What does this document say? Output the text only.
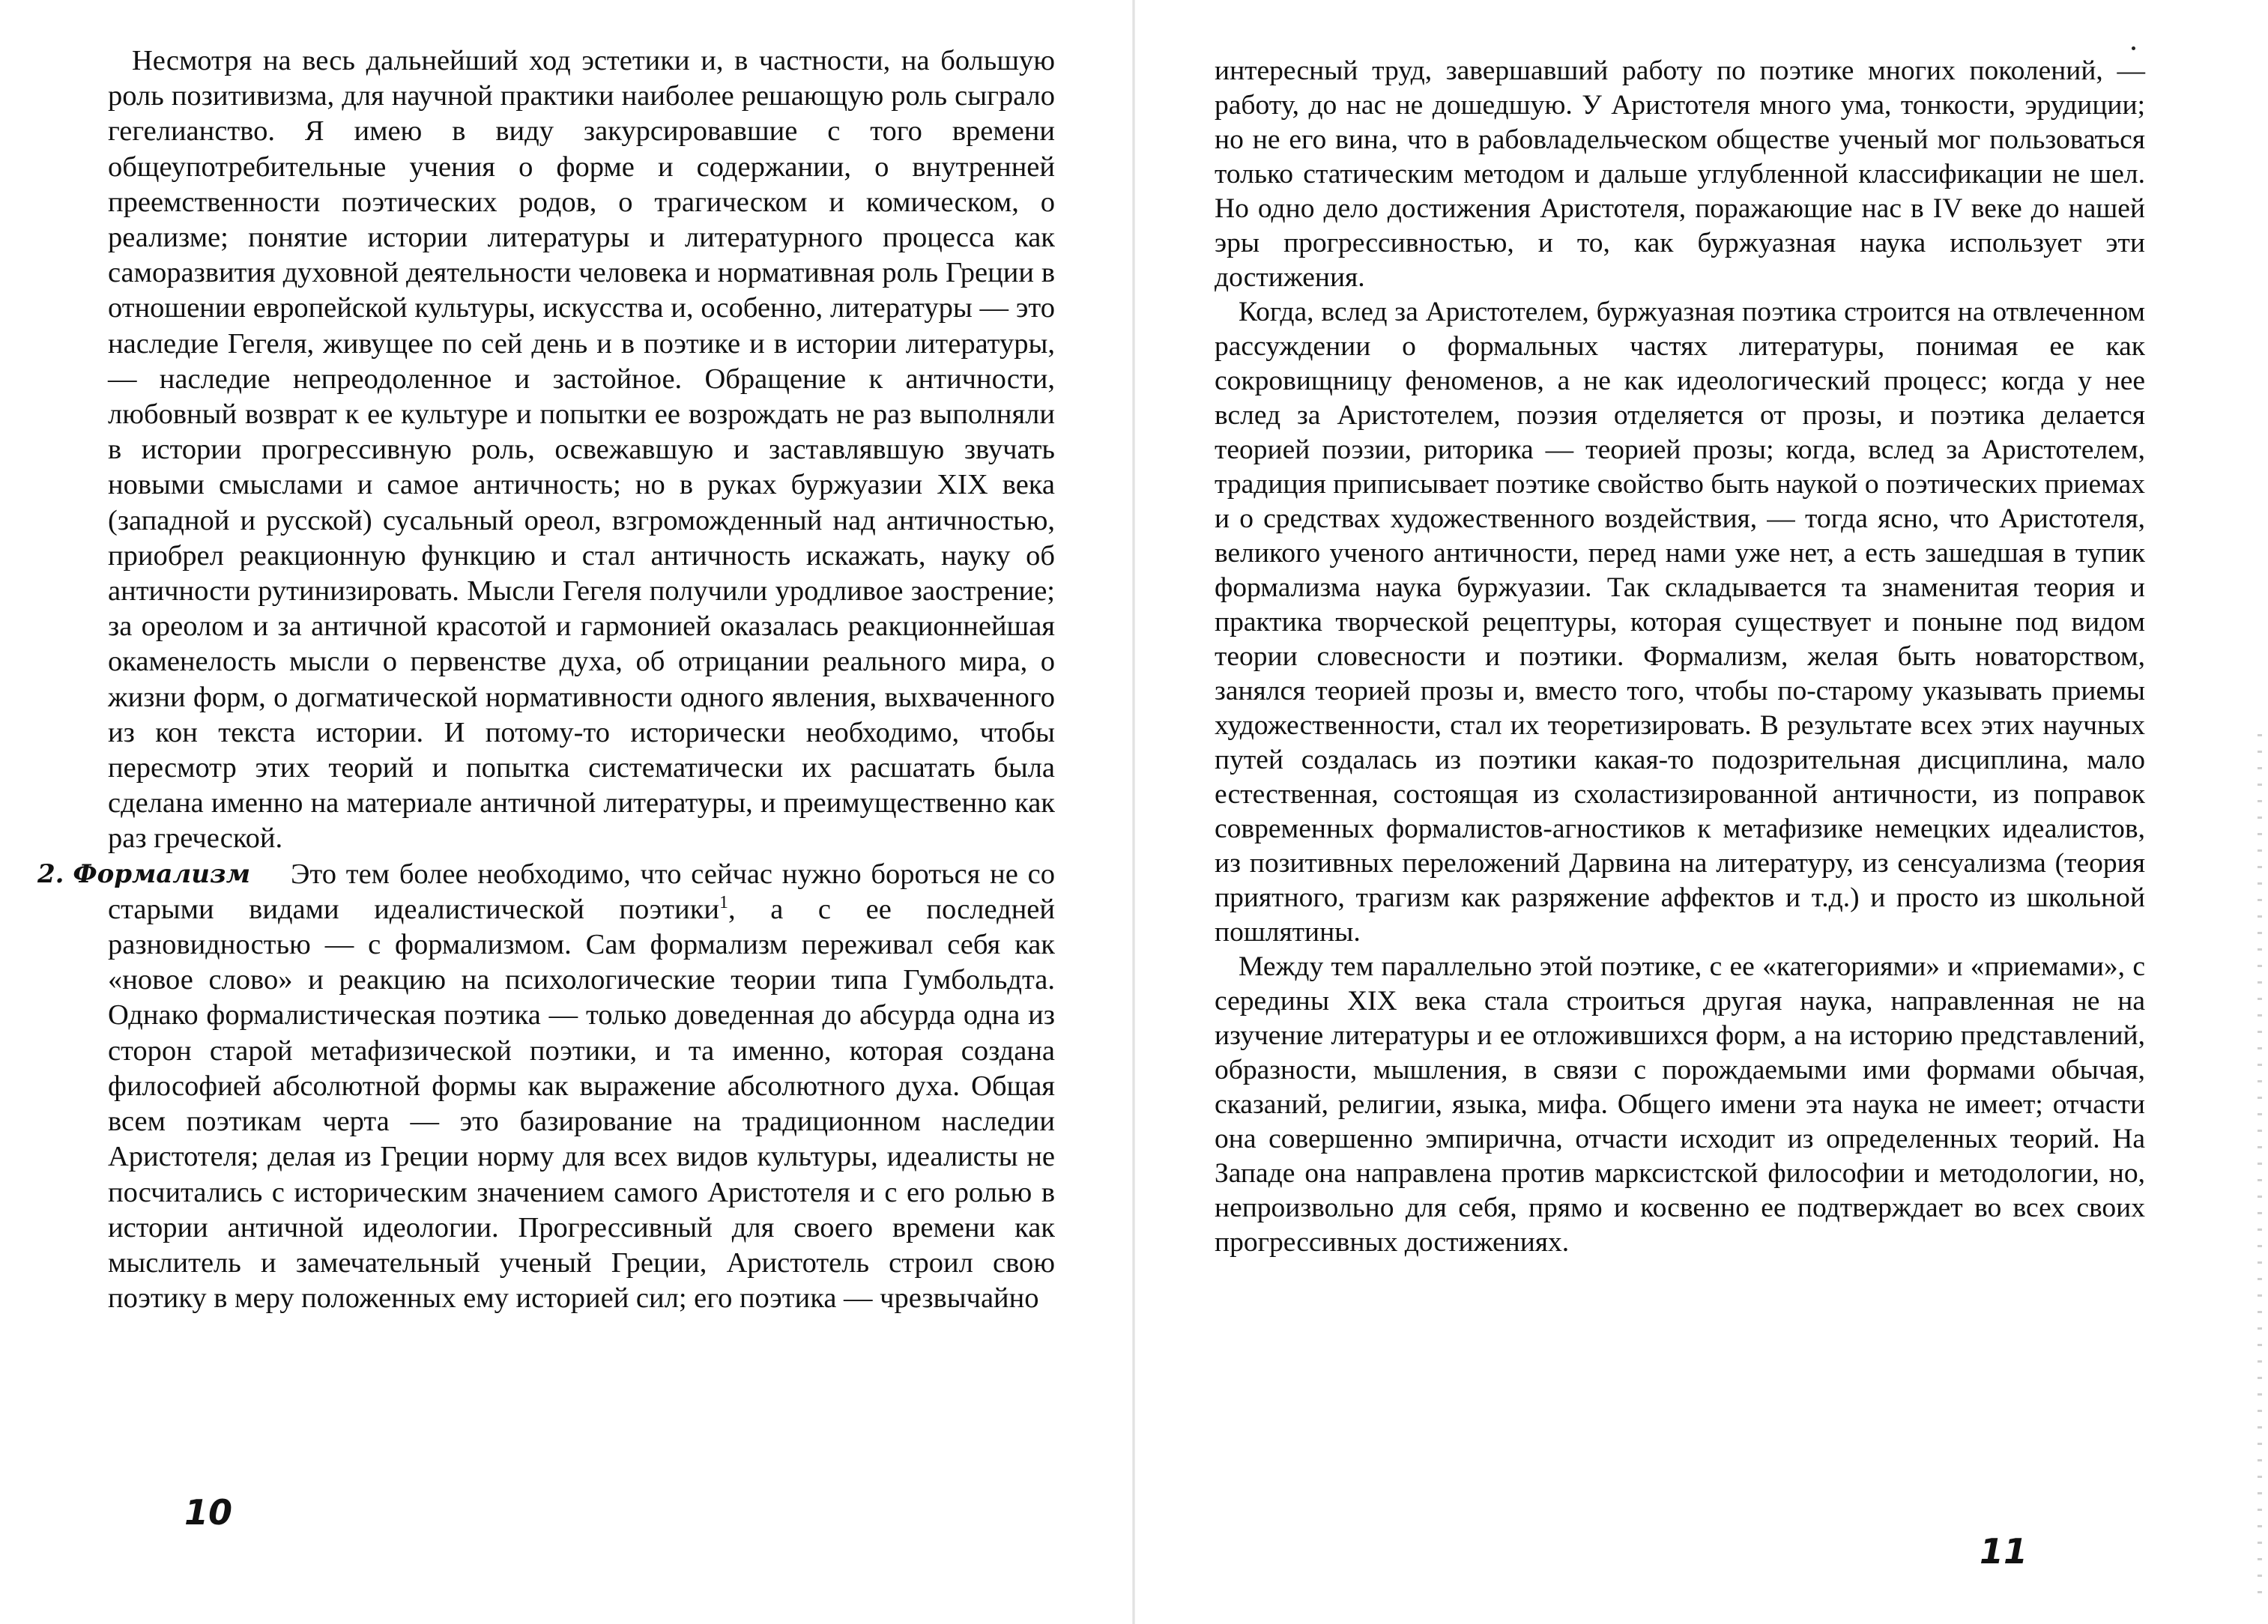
Несмотря на весь дальнейший ход эстетики и, в частности, на большую роль позитивизма, для научной практики наиболее решающую роль сыграло гегелианство. Я имею в виду закурсировавшие с того времени общеупотребительные учения о форме и содержании, о внутренней преемственности поэтических родов, о трагическом и комическом, о реализме; понятие истории литературы и литературного процесса как саморазвития духовной деятельности человека и нормативная роль Греции в отношении европейской культуры, искусства и, особенно, литературы — это наследие Гегеля, живущее по сей день и в поэтике и в истории литературы, — наследие непреодоленное и застойное. Обращение к античности, любовный возврат к ее культуре и попытки ее возрождать не раз выполняли в истории прогрессивную роль, освежавшую и заставлявшую звучать новыми смыслами и самое античность; но в руках буржуазии XIX века (западной и русской) сусальный ореол, взгроможденный над античностью, приобрел реакционную функцию и стал античность искажать, науку об античности рутинизировать. Мысли Гегеля получили уродливое заострение; за ореолом и за античной красотой и гармонией оказалась реакционнейшая окаменелость мысли о первенстве духа, об отрицании реального мира, о жизни форм, о догматической нормативности одного явления, выхваченного из кон текста истории. И потому-то исторически необходимо, чтобы пересмотр этих теорий и попытка систематически их расшатать была сделана именно на материале античной литературы, и преимущественно как раз греческой.

2. Формализм	Это тем более необходимо, что сейчас нужно бороться не со старыми видами идеалистической поэтики$^1$, а с ее последней разновидностью — с формализмом. Сам формализм переживал себя как «новое слово» и реакцию на психологические теории типа Гумбольдта. Однако формалистическая поэтика — только доведенная до абсурда одна из сторон старой метафизической поэтики, и та именно, которая создана философией абсолютной формы как выражение абсолютного духа. Общая всем поэтикам черта — это базирование на традиционном наследии Аристотеля; делая из Греции норму для всех видов культуры, идеалисты не посчитались с историческим значением самого Аристотеля и с его ролью в истории античной идеологии. Прогрессивный для своего времени как мыслитель и замечательный ученый Греции, Аристотель строил свою поэтику в меру положенных ему историей сил; его поэтика — чрезвычайно

10

интересный труд, завершавший работу по поэтике многих поколений, — работу, до нас не дошедшую. У Аристотеля много ума, тонкости, эрудиции; но не его вина, что в рабовладельческом обществе ученый мог пользоваться только статическим методом и дальше углубленной классификации не шел. Но одно дело достижения Аристотеля, поражающие нас в IV веке до нашей эры прогрессивностью, и то, как буржуазная наука использует эти достижения.

Когда, вслед за Аристотелем, буржуазная поэтика строится на отвлеченном рассуждении о формальных частях литературы, понимая ее как сокровищницу феноменов, а не как идеологический процесс; когда у нее вслед за Аристотелем, поэзия отделяется от прозы, и поэтика делается теорией поэзии, риторика — теорией прозы; когда, вслед за Аристотелем, традиция приписывает поэтике свойство быть наукой о поэтических приемах и о средствах художественного воздействия, — тогда ясно, что Аристотеля, великого ученого античности, перед нами уже нет, а есть зашедшая в тупик формализма наука буржуазии. Так складывается та знаменитая теория и практика творческой рецептуры, которая существует и поныне под видом теории словесности и поэтики. Формализм, желая быть новаторством, занялся теорией прозы и, вместо того, чтобы по-старому указывать приемы художественности, стал их теоретизировать. В результате всех этих научных путей создалась из поэтики какая-то подозрительная дисциплина, мало естественная, состоящая из схоластизированной античности, из поправок современных формалистов-агностиков к метафизике немецких идеалистов, из позитивных переложений Дарвина на литературу, из сенсуализма (теория приятного, трагизм как разряжение аффектов и т.д.) и просто из школьной пошлятины.

Между тем параллельно этой поэтике, с ее «категориями» и «приемами», с середины XIX века стала строиться другая наука, направленная не на изучение литературы и ее отложившихся форм, а на историю представлений, образности, мышления, в связи с порождаемыми ими формами обычая, сказаний, религии, языка, мифа. Общего имени эта наука не имеет; отчасти она совершенно эмпирична, отчасти исходит из определенных теорий. На Западе она направлена против марксистской философии и методологии, но, непроизвольно для себя, прямо и косвенно ее подтверждает во всех своих прогрессивных достижениях.

11
